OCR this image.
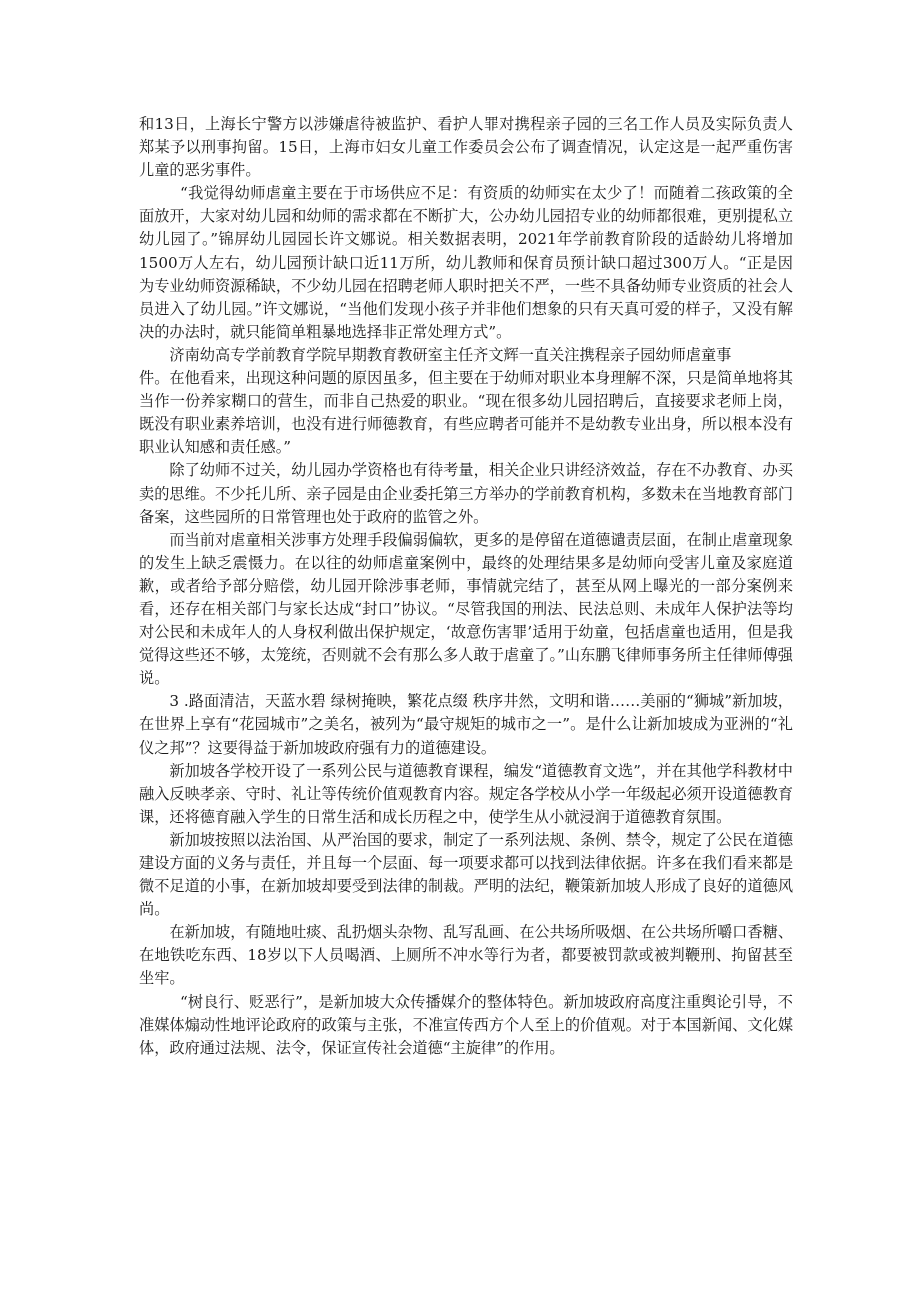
和13日，上海长宁警方以涉嫌虐待被监护、看护人罪对携程亲子园的三名工作人员及实际负责人郑某予以刑事拘留。15日，上海市妇女儿童工作委员会公布了调查情况，认定这是一起严重伤害儿童的恶劣事件。

“我觉得幼师虐童主要在于市场供应不足：有资质的幼师实在太少了！而随着二孩政策的全面放开，大家对幼儿园和幼师的需求都在不断扩大，公办幼儿园招专业的幼师都很难，更别提私立幼儿园了。”锦屏幼儿园园长许文娜说。相关数据表明，2021年学前教育阶段的适龄幼儿将增加1500万人左右，幼儿园预计缺口近11万所，幼儿教师和保育员预计缺口超过300万人。“正是因为专业幼师资源稀缺，不少幼儿园在招聘老师人职时把关不严，一些不具备幼师专业资质的社会人员进入了幼儿园。”许文娜说，“当他们发现小孩子并非他们想象的只有天真可爱的样子，又没有解决的办法时，就只能简单粗暴地选择非正常处理方式”。

济南幼高专学前教育学院早期教育教研室主任齐文辉一直关注携程亲子园幼师虐童事

件。在他看来，出现这种问题的原因虽多，但主要在于幼师对职业本身理解不深，只是简单地将其当作一份养家糊口的营生，而非自己热爱的职业。“现在很多幼儿园招聘后，直接要求老师上岗，既没有职业素养培训，也没有进行师德教育，有些应聘者可能并不是幼教专业出身，所以根本没有职业认知感和责任感。”

除了幼师不过关，幼儿园办学资格也有待考量，相关企业只讲经济效益，存在不办教育、办买卖的思维。不少托儿所、亲子园是由企业委托第三方举办的学前教育机构，多数未在当地教育部门备案，这些园所的日常管理也处于政府的监管之外。

而当前对虐童相关涉事方处理手段偏弱偏软，更多的是停留在道德谴责层面，在制止虐童现象的发生上缺乏震慑力。在以往的幼师虐童案例中，最终的处理结果多是幼师向受害儿童及家庭道歉，或者给予部分赔偿，幼儿园开除涉事老师，事情就完结了，甚至从网上曝光的一部分案例来看，还存在相关部门与家长达成“封口”协议。“尽管我国的刑法、民法总则、未成年人保护法等均对公民和未成年人的人身权利做出保护规定，‘故意伤害罪’适用于幼童，包括虐童也适用，但是我觉得这些还不够，太笼统，否则就不会有那么多人敢于虐童了。”山东鹏飞律师事务所主任律师傅强说。

3 .路面清洁，天蓝水碧 绿树掩映，繁花点缀 秩序井然，文明和谐……美丽的“狮城”新加坡，在世界上享有“花园城市”之美名，被列为“最守规矩的城市之一”。是什么让新加坡成为亚洲的“礼仪之邦”？这要得益于新加坡政府强有力的道德建设。

新加坡各学校开设了一系列公民与道德教育课程，编发“道德教育文选”，并在其他学科教材中融入反映孝亲、守时、礼让等传统价值观教育内容。规定各学校从小学一年级起必须开设道德教育课，还将德育融入学生的日常生活和成长历程之中，使学生从小就浸润于道德教育氛围。

新加坡按照以法治国、从严治国的要求，制定了一系列法规、条例、禁令，规定了公民在道德建设方面的义务与责任，并且每一个层面、每一项要求都可以找到法律依据。许多在我们看来都是微不足道的小事，在新加坡却要受到法律的制裁。严明的法纪，鞭策新加坡人形成了良好的道德风尚。

在新加坡，有随地吐痰、乱扔烟头杂物、乱写乱画、在公共场所吸烟、在公共场所嚼口香糖、在地铁吃东西、18岁以下人员喝酒、上厕所不冲水等行为者，都要被罚款或被判鞭刑、拘留甚至坐牢。

“树良行、贬恶行”，是新加坡大众传播媒介的整体特色。新加坡政府高度注重舆论引导，不准媒体煽动性地评论政府的政策与主张，不准宣传西方个人至上的价值观。对于本国新闻、文化媒体，政府通过法规、法令，保证宣传社会道德“主旋律”的作用。
